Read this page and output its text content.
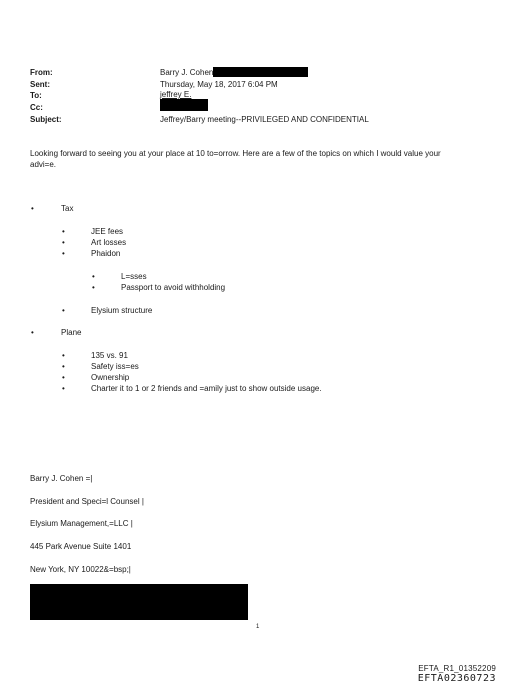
From:	Barry J. Cohen
Sent:	Thursday, May 18, 2017 6:04 PM
To:	jeffrey E.
Cc:
Subject:	Jeffrey/Barry meeting--PRIVILEGED AND CONFIDENTIAL
Looking forward to seeing you at your place at 10 to=orrow. Here are a few of the topics on which I would value your
advi=e.
•	Tax
•	JEE fees
•	Art losses
•	Phaidon
•	L=sses
•	Passport to avoid withholding
•	Elysium structure
•	Plane
•	135 vs. 91
•	Safety iss=es
•	Ownership
•	Charter it to 1 or 2 friends and =amily just to show outside usage.
Barry J. Cohen =|
President and Speci=l Counsel |
Elysium Management,=LLC |
445 Park Avenue Suite 1401
New York, NY 10022&=bsp;|
1
EFTA_R1_01352209
EFTA02360723
